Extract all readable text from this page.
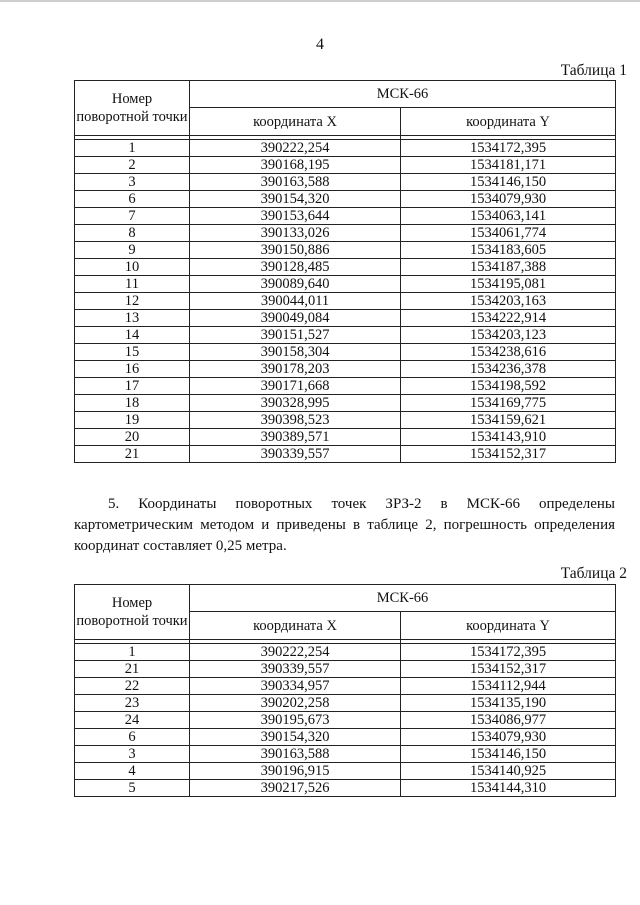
4
Таблица 1
Номер поворотной точки	МСК-66	
	координата X	координата Y

1	390222,254	1534172,395
2	390168,195	1534181,171
3	390163,588	1534146,150
6	390154,320	1534079,930
7	390153,644	1534063,141
8	390133,026	1534061,774
9	390150,886	1534183,605
10	390128,485	1534187,388
11	390089,640	1534195,081
12	390044,011	1534203,163
13	390049,084	1534222,914
14	390151,527	1534203,123
15	390158,304	1534238,616
16	390178,203	1534236,378
17	390171,668	1534198,592
18	390328,995	1534169,775
19	390398,523	1534159,621
20	390389,571	1534143,910
21	390339,557	1534152,317
5. Координаты поворотных точек ЗРЗ-2 в МСК-66 определены картометрическим методом и приведены в таблице 2, погрешность определения координат составляет 0,25 метра.
Таблица 2
Номер поворотной точки	МСК-66	
	координата X	координата Y

1	390222,254	1534172,395
21	390339,557	1534152,317
22	390334,957	1534112,944
23	390202,258	1534135,190
24	390195,673	1534086,977
6	390154,320	1534079,930
3	390163,588	1534146,150
4	390196,915	1534140,925
5	390217,526	1534144,310
